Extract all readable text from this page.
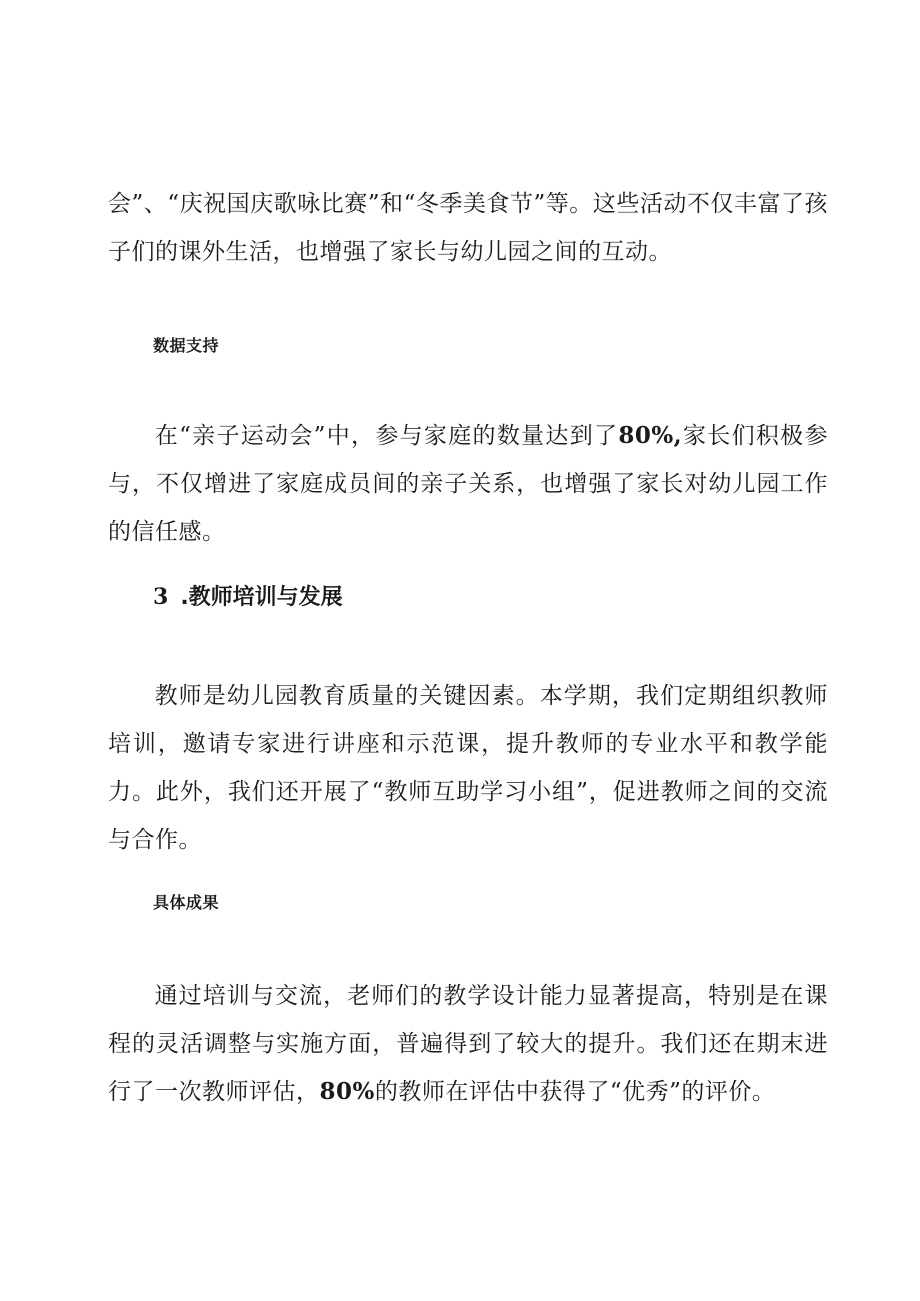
会”、“庆祝国庆歌咏比赛”和“冬季美食节”等。这些活动不仅丰富了孩子们的课外生活，也增强了家长与幼儿园之间的互动。

数据支持

在“亲子运动会”中，参与家庭的数量达到了80%,家长们积极参与，不仅增进了家庭成员间的亲子关系，也增强了家长对幼儿园工作的信任感。

3 .教师培训与发展

教师是幼儿园教育质量的关键因素。本学期，我们定期组织教师培训，邀请专家进行讲座和示范课，提升教师的专业水平和教学能力。此外，我们还开展了“教师互助学习小组”，促进教师之间的交流与合作。

具体成果

通过培训与交流，老师们的教学设计能力显著提高，特别是在课程的灵活调整与实施方面，普遍得到了较大的提升。我们还在期末进行了一次教师评估，80%的教师在评估中获得了“优秀”的评价。
